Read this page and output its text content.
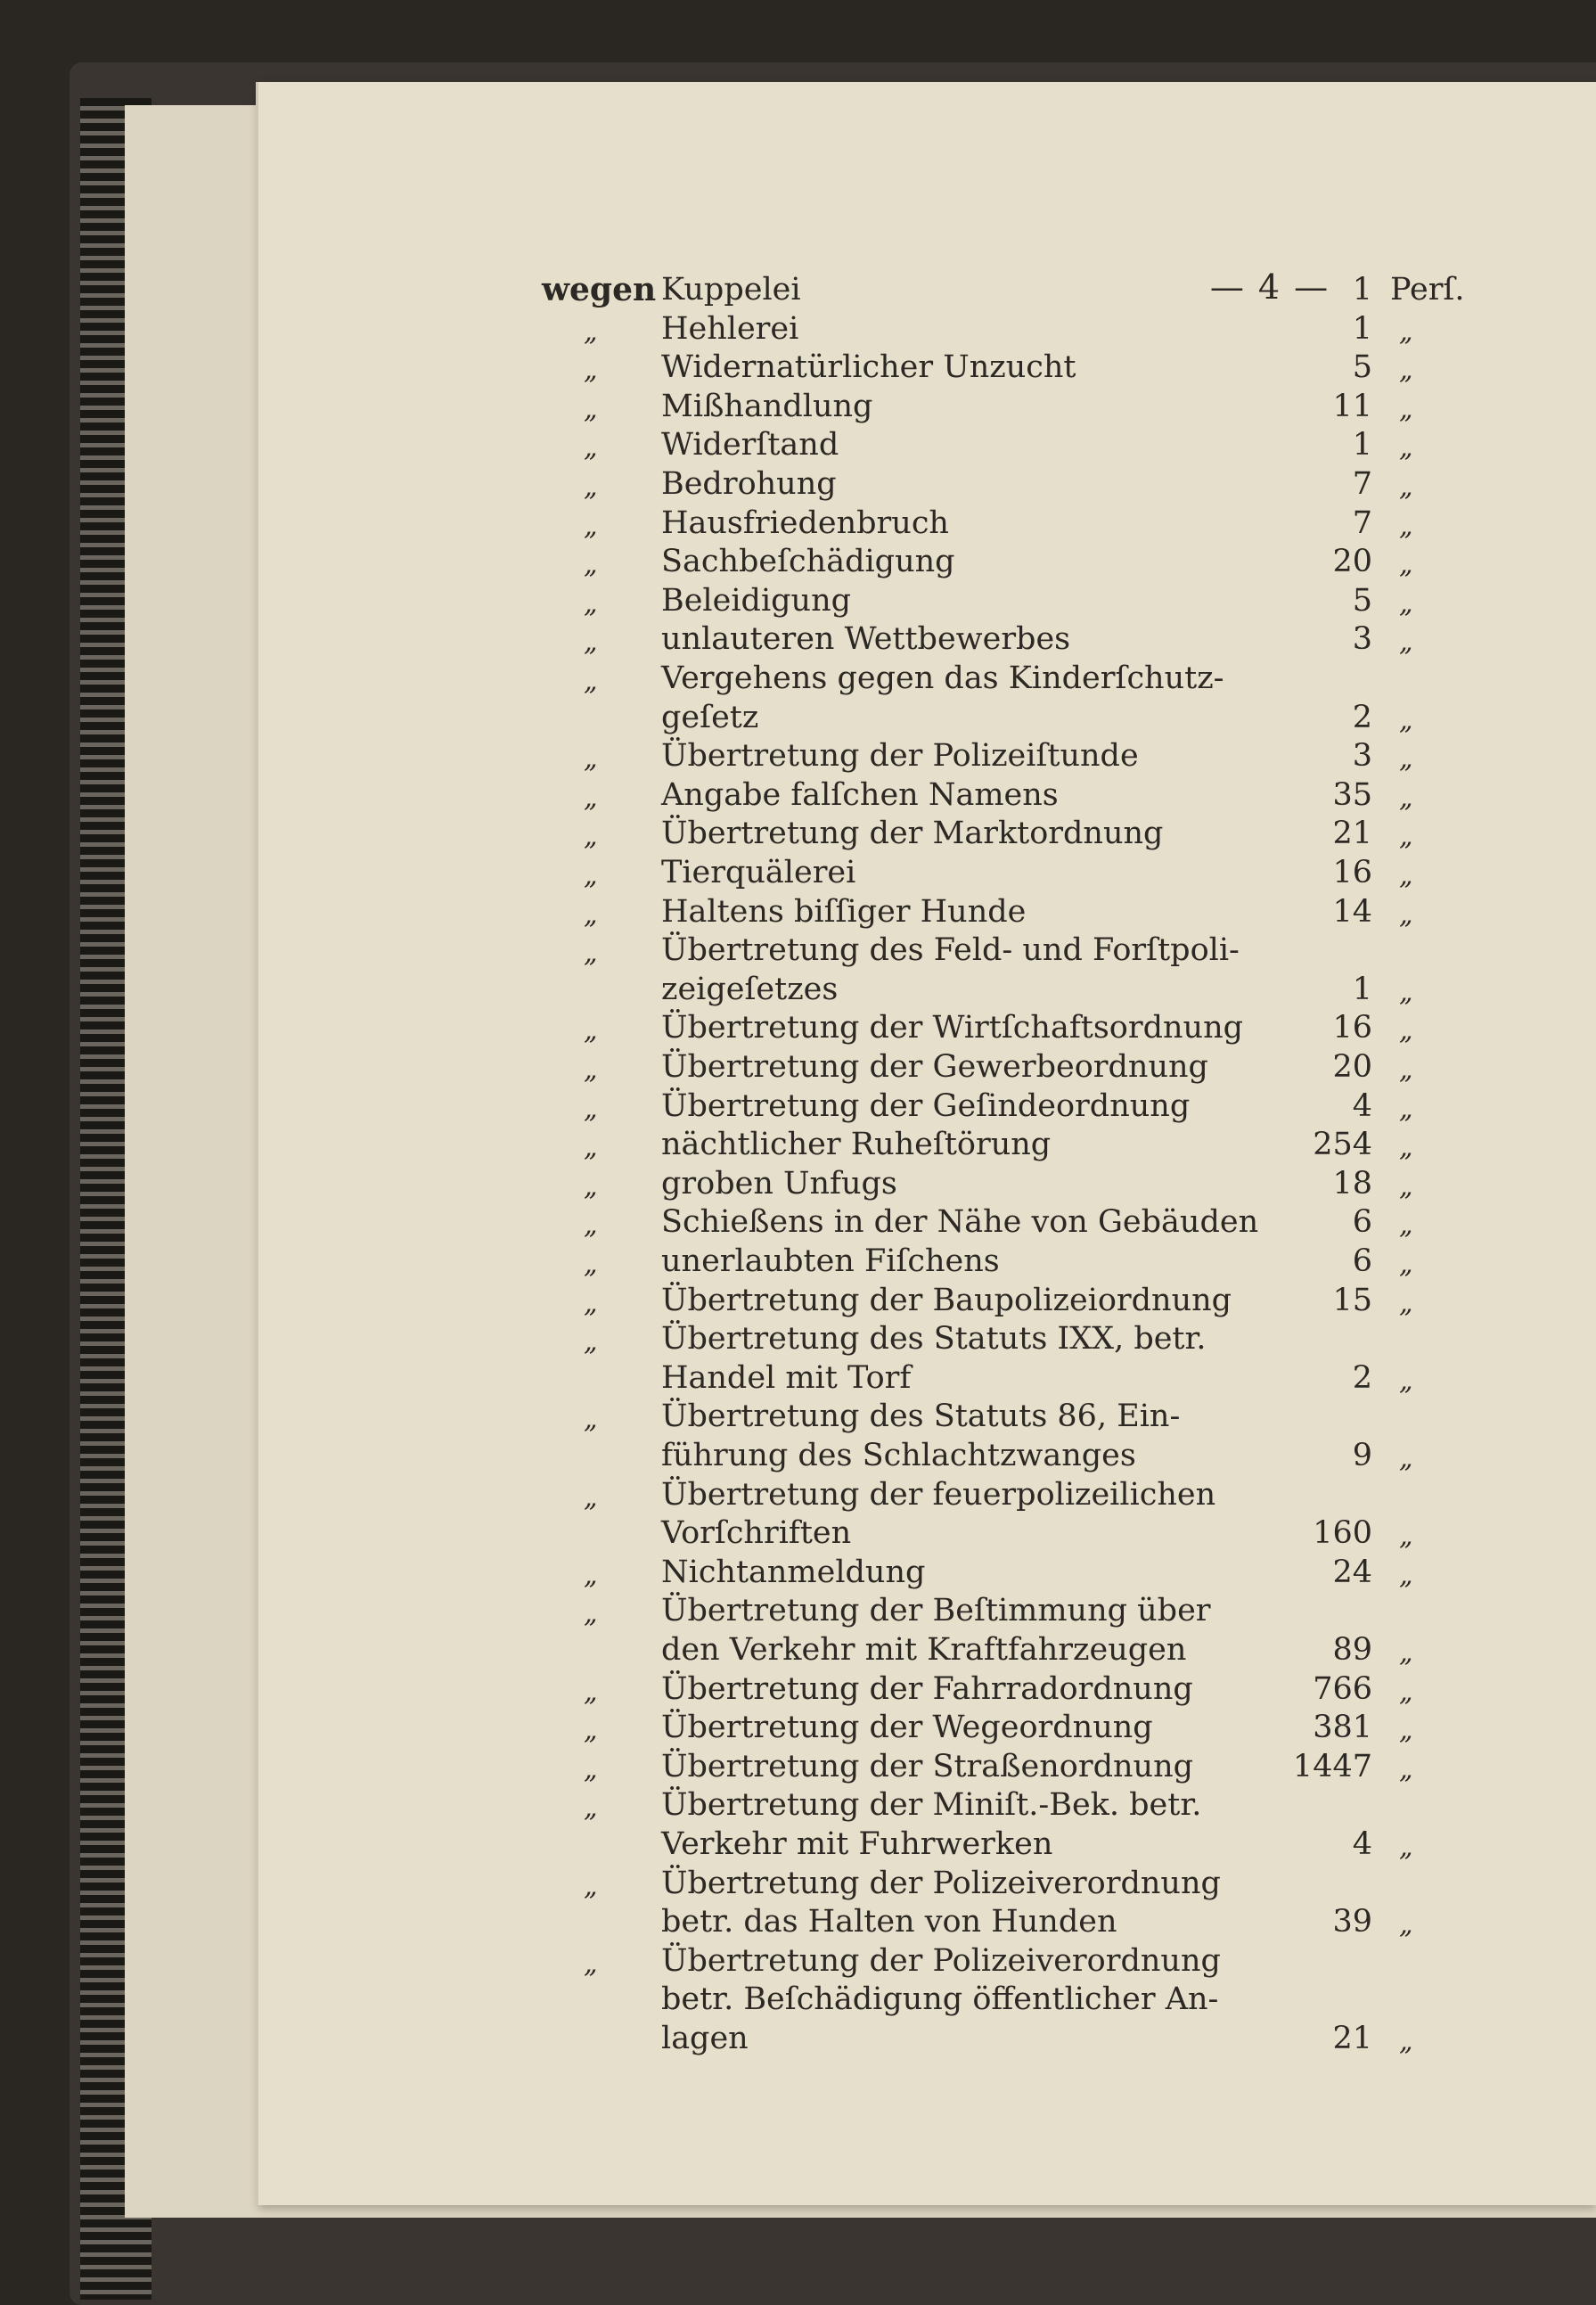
— 4 —
wegen Kuppelei	1 Perſ.
„ Hehlerei	1 „
„ Widernatürlicher Unzucht	5 „
„ Mißhandlung	11 „
„ Widerſtand	1 „
„ Bedrohung	7 „
„ Hausfriedenbruch	7 „
„ Sachbeſchädigung	20 „
„ Beleidigung	5 „
„ unlauteren Wettbewerbes	3 „
„ Vergehens gegen das Kinderſchutz-
geſetz	2 „
„ Übertretung der Polizeiſtunde	3 „
„ Angabe falſchen Namens	35 „
„ Übertretung der Marktordnung	21 „
„ Tierquälerei	16 „
„ Haltens biſſiger Hunde	14 „
„ Übertretung des Feld- und Forſtpoli-
zeigeſetzes	1 „
„ Übertretung der Wirtſchaftsordnung	16 „
„ Übertretung der Gewerbeordnung	20 „
„ Übertretung der Geſindeordnung	4 „
„ nächtlicher Ruheſtörung	254 „
„ groben Unfugs	18 „
„ Schießens in der Nähe von Gebäuden	6 „
„ unerlaubten Fiſchens	6 „
„ Übertretung der Baupolizeiordnung	15 „
„ Übertretung des Statuts IXX, betr.
Handel mit Torf	2 „
„ Übertretung des Statuts 86, Ein-
führung des Schlachtzwanges	9 „
„ Übertretung der feuerpolizeilichen
Vorſchriften	160 „
„ Nichtanmeldung	24 „
„ Übertretung der Beſtimmung über
den Verkehr mit Kraftfahrzeugen	89 „
„ Übertretung der Fahrradordnung	766 „
„ Übertretung der Wegeordnung	381 „
„ Übertretung der Straßenordnung	1447 „
„ Übertretung der Miniſt.-Bek. betr.
Verkehr mit Fuhrwerken	4 „
„ Übertretung der Polizeiverordnung
betr. das Halten von Hunden	39 „
„ Übertretung der Polizeiverordnung
betr. Beſchädigung öffentlicher An-
lagen	21 „
